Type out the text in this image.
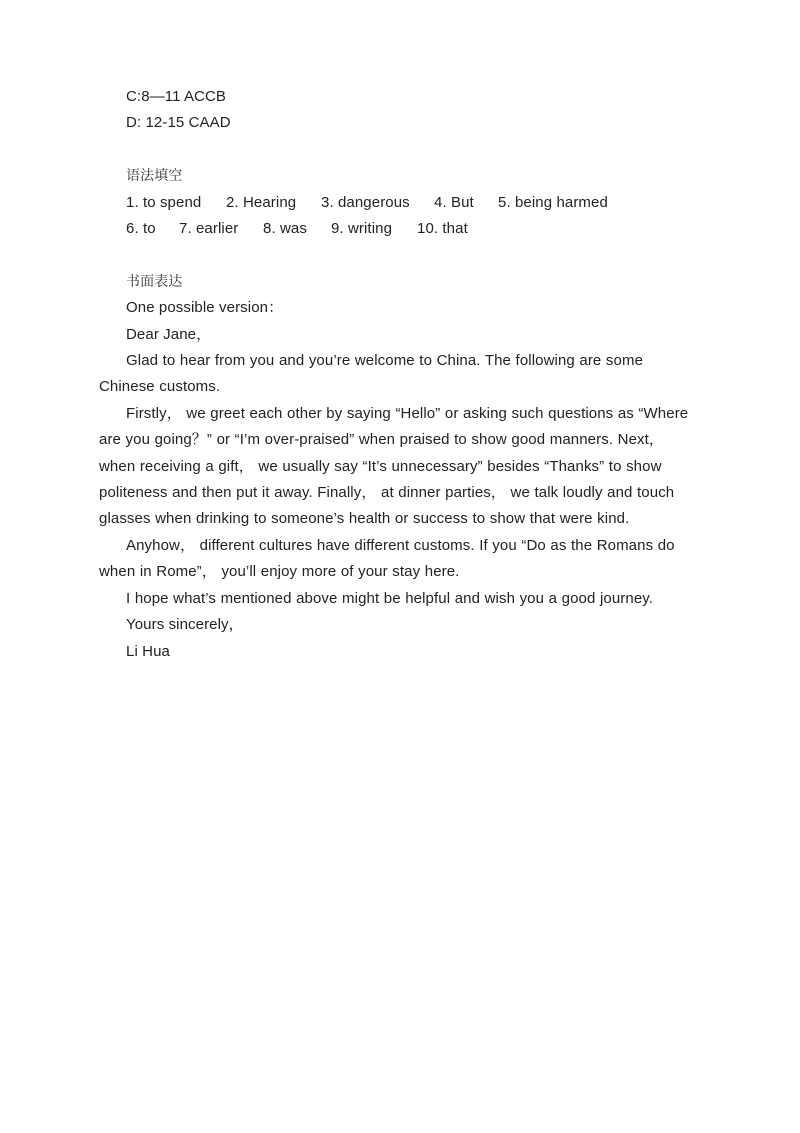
C:8—11 ACCB
D: 12-15 CAAD
语法填空
1. to spend 2. Hearing 3. dangerous 4. But 5. being harmed
6. to 7. earlier 8. was 9. writing 10. that
书面表达
One possible version：
Dear Jane，
Glad to hear from you and you’re welcome to China. The following are some Chinese customs.
Firstly， we greet each other by saying “Hello” or asking such questions as “Where are you going？” or “I’m over-praised” when praised to show good manners. Next，when receiving a gift， we usually say “It’s unnecessary” besides “Thanks” to show politeness and then put it away. Finally， at dinner parties， we talk loudly and touch glasses when drinking to someone’s health or success to show that were kind.
Anyhow， different cultures have different customs. If you “Do as the Romans do when in Rome”， you’ll enjoy more of your stay here.
I hope what’s mentioned above might be helpful and wish you a good journey.
Yours sincerely，
Li Hua
